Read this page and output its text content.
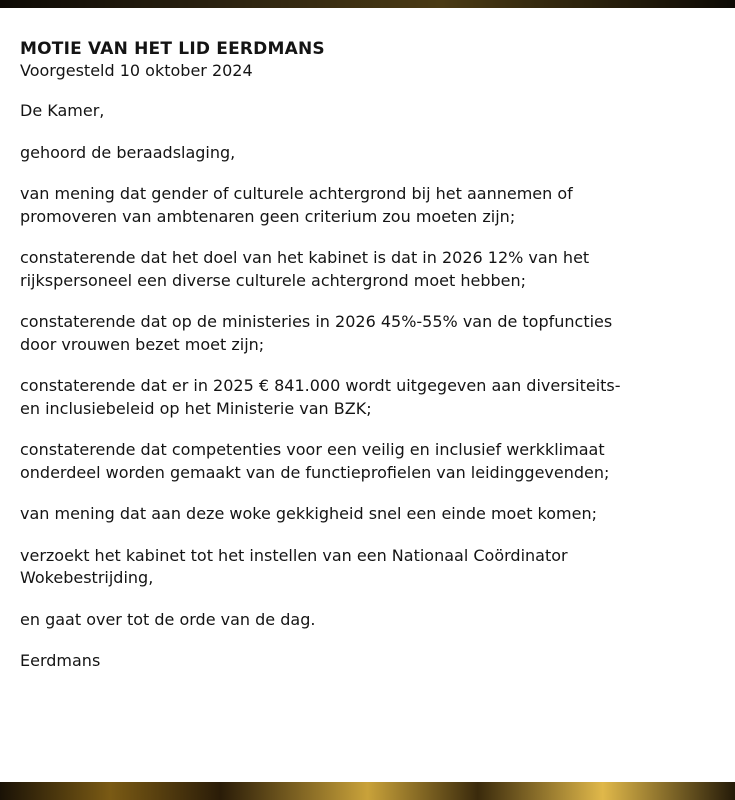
MOTIE VAN HET LID EERDMANS
Voorgesteld 10 oktober 2024
De Kamer,
gehoord de beraadslaging,
van mening dat gender of culturele achtergrond bij het aannemen of
promoveren van ambtenaren geen criterium zou moeten zijn;
constaterende dat het doel van het kabinet is dat in 2026 12% van het
rijkspersoneel een diverse culturele achtergrond moet hebben;
constaterende dat op de ministeries in 2026 45%-55% van de topfuncties
door vrouwen bezet moet zijn;
constaterende dat er in 2025 € 841.000 wordt uitgegeven aan diversiteits-
en inclusiebeleid op het Ministerie van BZK;
constaterende dat competenties voor een veilig en inclusief werkklimaat
onderdeel worden gemaakt van de functieprofielen van leidinggevenden;
van mening dat aan deze woke gekkigheid snel een einde moet komen;
verzoekt het kabinet tot het instellen van een Nationaal Coördinator
Wokebestrijding,
en gaat over tot de orde van de dag.
Eerdmans
